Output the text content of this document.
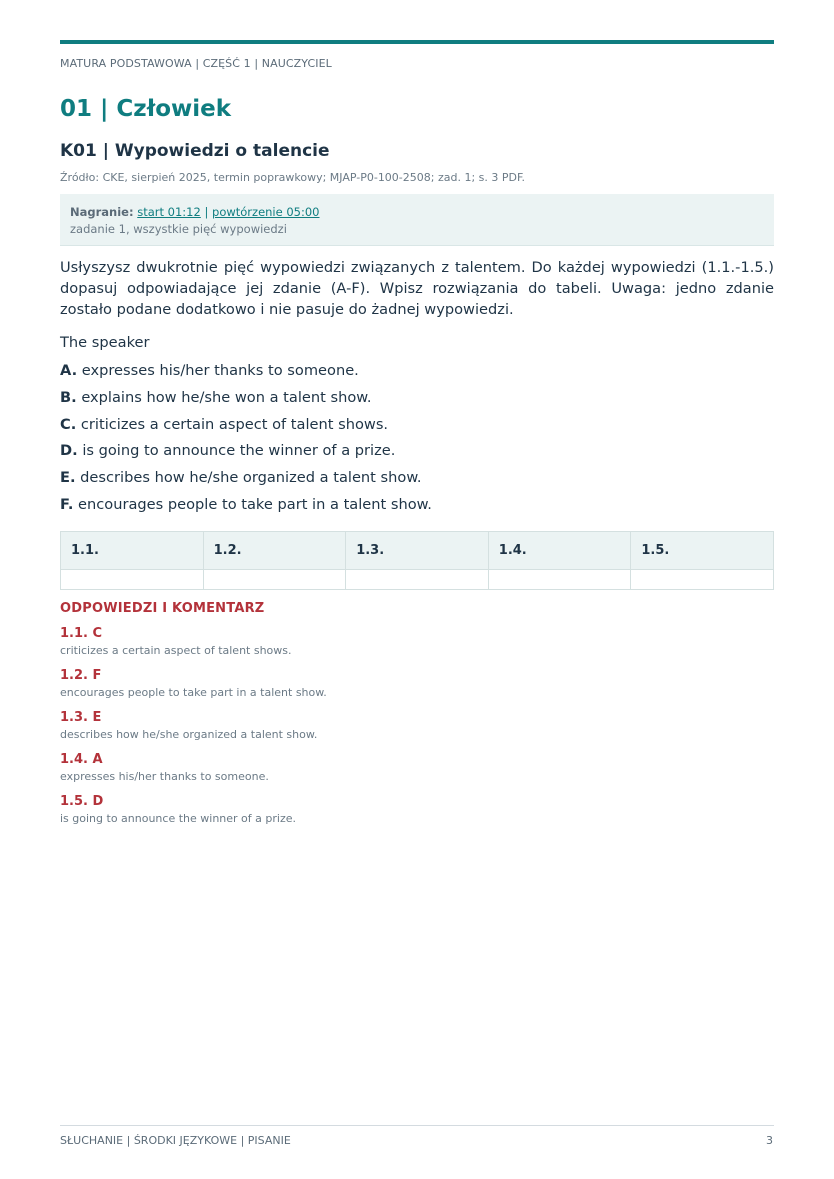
MATURA PODSTAWOWA | CZĘŚĆ 1 | NAUCZYCIEL
01 | Człowiek
K01 | Wypowiedzi o talencie
Źródło: CKE, sierpień 2025, termin poprawkowy; MJAP-P0-100-2508; zad. 1; s. 3 PDF.
Nagranie: start 01:12 | powtórzenie 05:00
zadanie 1, wszystkie pięć wypowiedzi

Usłyszysz dwukrotnie pięć wypowiedzi związanych z talentem. Do każdej wypowiedzi (1.1.-1.5.) dopasuj odpowiadające jej zdanie (A-F). Wpisz rozwiązania do tabeli. Uwaga: jedno zdanie zostało podane dodatkowo i nie pasuje do żadnej wypowiedzi.

The speaker
A. expresses his/her thanks to someone.
B. explains how he/she won a talent show.
C. criticizes a certain aspect of talent shows.
D. is going to announce the winner of a prize.
E. describes how he/she organized a talent show.
F. encourages people to take part in a talent show.
1.1.	1.2.	1.3.	1.4.	1.5.

ODPOWIEDZI I KOMENTARZ
1.1. C
criticizes a certain aspect of talent shows.
1.2. F
encourages people to take part in a talent show.
1.3. E
describes how he/she organized a talent show.
1.4. A
expresses his/her thanks to someone.
1.5. D
is going to announce the winner of a prize.
SŁUCHANIE | ŚRODKI JĘZYKOWE | PISANIE	3
